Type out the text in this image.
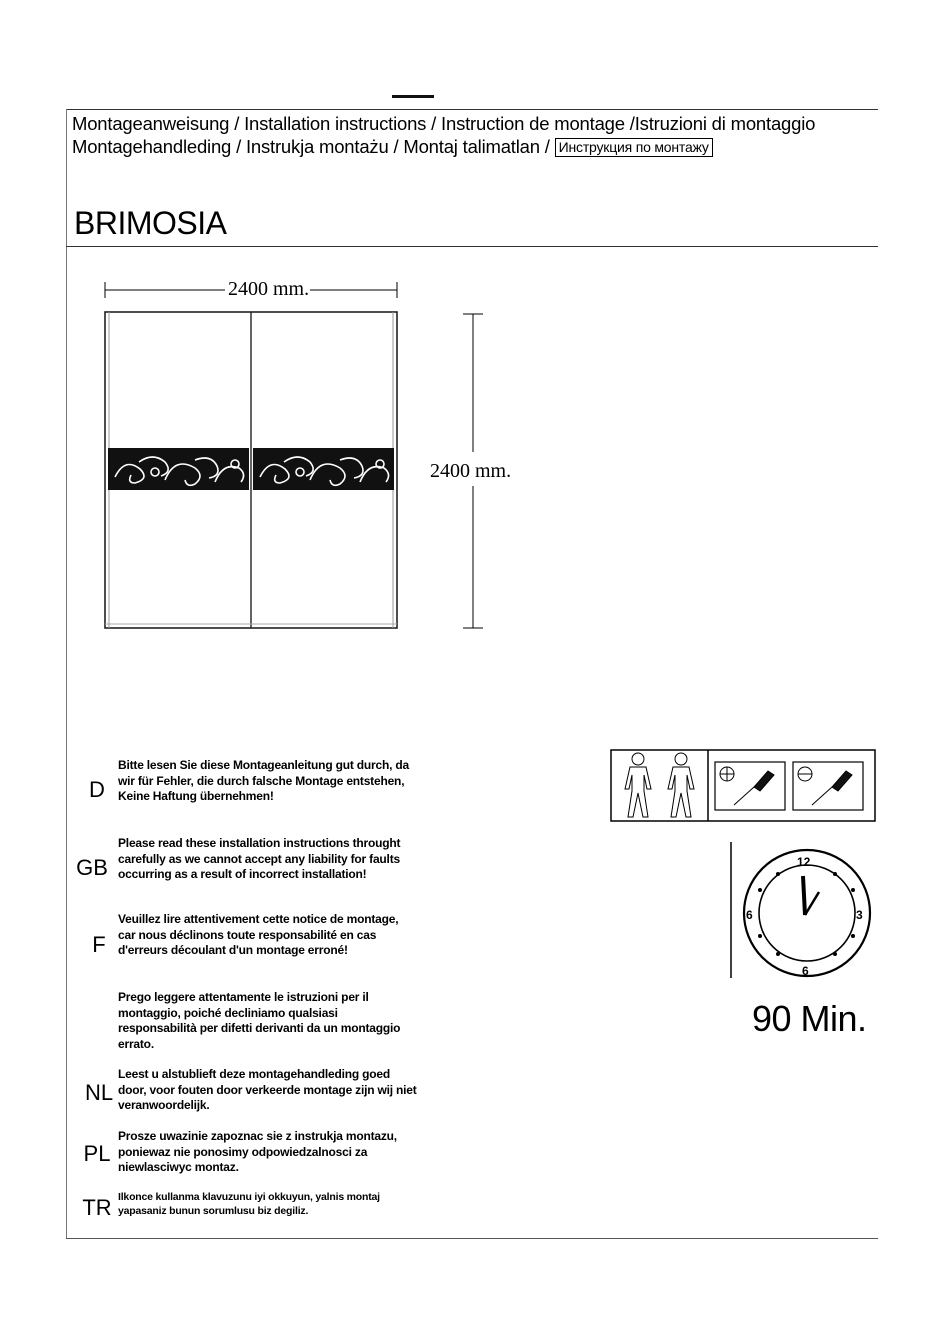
Montageanweisung / Installation instructions / Instruction de montage /Istruzioni di montaggio
Montagehandleding / Instrukja montażu / Montaj talimatlan / Инструкция по монтажу
BRIMOSIA
2400 mm.
2400 mm.
D
Bitte lesen Sie diese Montageanleitung gut durch, da wir für Fehler, die durch falsche Montage entstehen, Keine Haftung übernehmen!
GB
Please read these installation instructions throught carefully as we cannot accept any liability for faults occurring as a result of incorrect installation!
F
Veuillez lire attentivement cette notice de montage, car nous déclinons toute responsabilité en cas d'erreurs découlant d'un montage erroné!
Prego leggere attentamente le istruzioni per il montaggio, poiché decliniamo qualsiasi responsabilità per difetti derivanti da un montaggio errato.
NL
Leest u alstublieft deze montagehandleding goed door, voor fouten door verkeerde montage zijn wij niet veranwoordelijk.
PL
Prosze uwazinie zapoznac sie z instrukja montazu, poniewaz nie ponosimy odpowiedzalnosci za niewlasciwyc montaz.
TR Ilkonce kullanma klavuzunu iyi okkuyun, yalnis montaj yapasaniz bunun sorumlusu biz degiliz.
12
3
6
6
90 Min.
